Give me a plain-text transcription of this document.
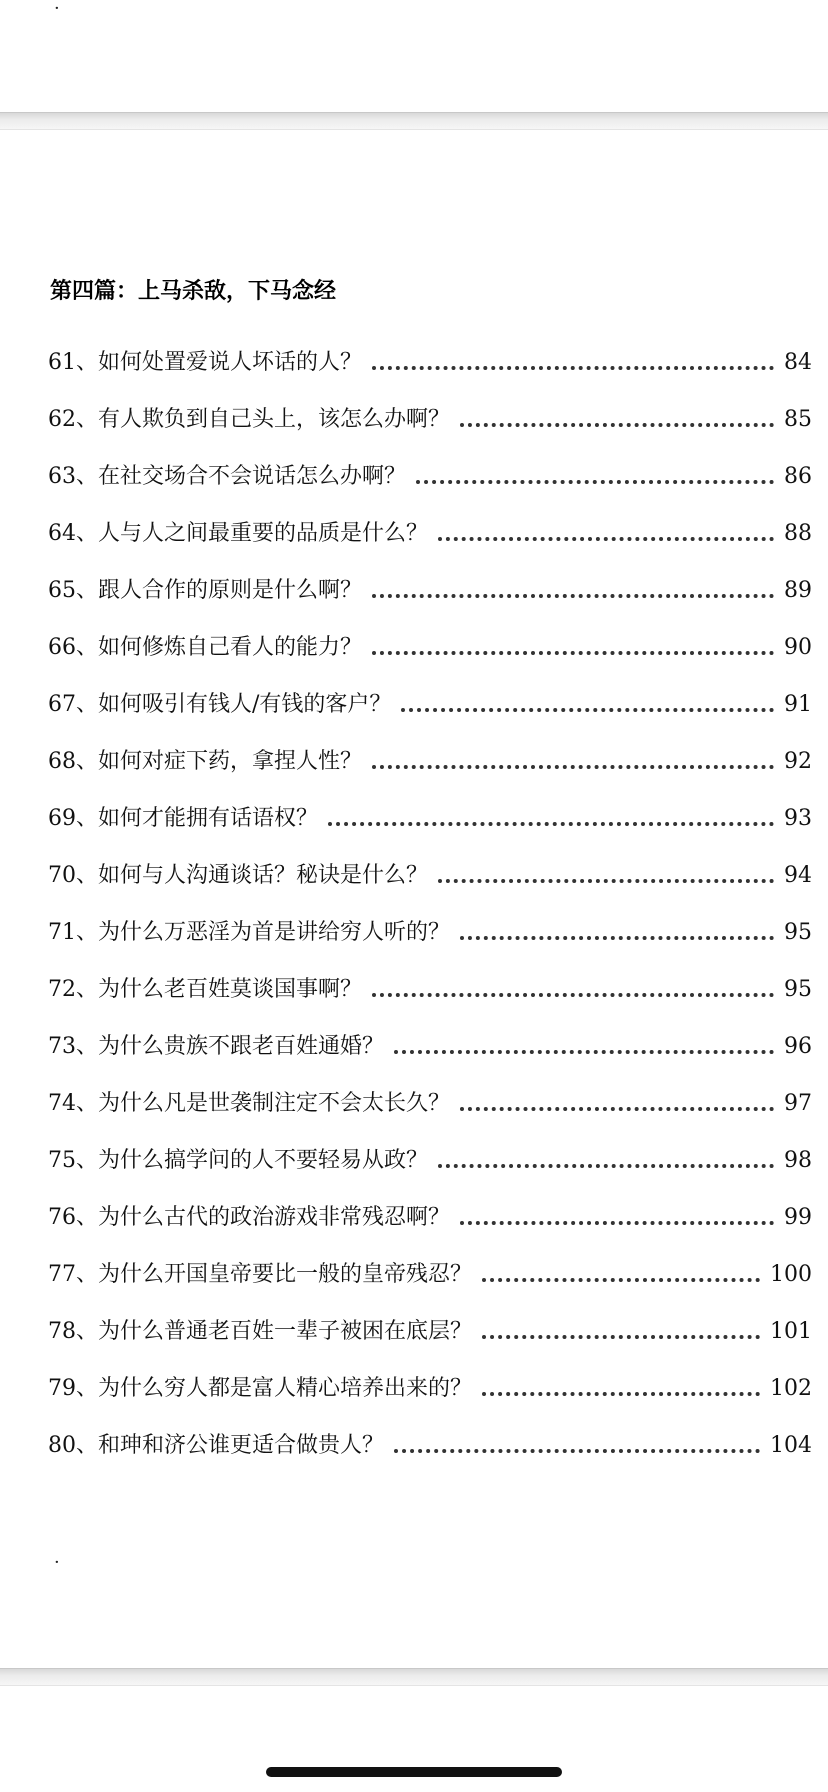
·
第四篇：上马杀敌，下马念经
61、如何处置爱说人坏话的人？	84
62、有人欺负到自己头上，该怎么办啊？	85
63、在社交场合不会说话怎么办啊？	86
64、人与人之间最重要的品质是什么？	88
65、跟人合作的原则是什么啊？	89
66、如何修炼自己看人的能力？	90
67、如何吸引有钱人/有钱的客户？	91
68、如何对症下药，拿捏人性？	92
69、如何才能拥有话语权？	93
70、如何与人沟通谈话？秘诀是什么？	94
71、为什么万恶淫为首是讲给穷人听的？	95
72、为什么老百姓莫谈国事啊？	95
73、为什么贵族不跟老百姓通婚？	96
74、为什么凡是世袭制注定不会太长久？	97
75、为什么搞学问的人不要轻易从政？	98
76、为什么古代的政治游戏非常残忍啊？	99
77、为什么开国皇帝要比一般的皇帝残忍？	100
78、为什么普通老百姓一辈子被困在底层？	101
79、为什么穷人都是富人精心培养出来的？	102
80、和珅和济公谁更适合做贵人？	104
·
